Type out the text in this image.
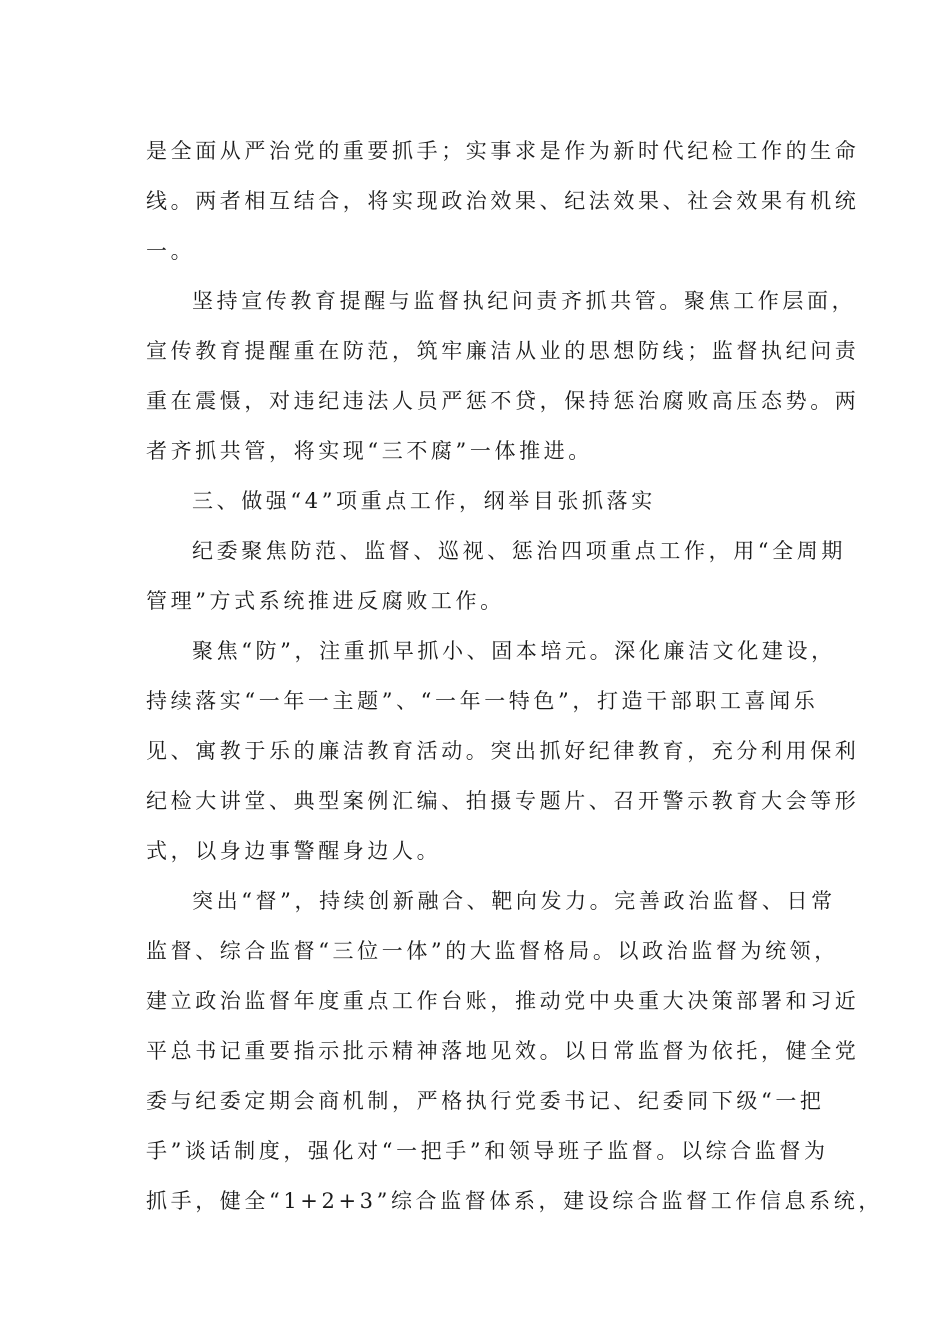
是全面从严治党的重要抓手；实事求是作为新时代纪检工作的生命
线。两者相互结合，将实现政治效果、纪法效果、社会效果有机统
一。
坚持宣传教育提醒与监督执纪问责齐抓共管。聚焦工作层面，
宣传教育提醒重在防范，筑牢廉洁从业的思想防线；监督执纪问责
重在震慑，对违纪违法人员严惩不贷，保持惩治腐败高压态势。两
者齐抓共管，将实现“三不腐”一体推进。
三、做强“4”项重点工作，纲举目张抓落实
纪委聚焦防范、监督、巡视、惩治四项重点工作，用“全周期
管理”方式系统推进反腐败工作。
聚焦“防”，注重抓早抓小、固本培元。深化廉洁文化建设，
持续落实“一年一主题”、“一年一特色”，打造干部职工喜闻乐
见、寓教于乐的廉洁教育活动。突出抓好纪律教育，充分利用保利
纪检大讲堂、典型案例汇编、拍摄专题片、召开警示教育大会等形
式，以身边事警醒身边人。
突出“督”，持续创新融合、靶向发力。完善政治监督、日常
监督、综合监督“三位一体”的大监督格局。以政治监督为统领，
建立政治监督年度重点工作台账，推动党中央重大决策部署和习近
平总书记重要指示批示精神落地见效。以日常监督为依托，健全党
委与纪委定期会商机制，严格执行党委书记、纪委同下级“一把
手”谈话制度，强化对“一把手”和领导班子监督。以综合监督为
抓手，健全“1+2+3”综合监督体系，建设综合监督工作信息系统，
